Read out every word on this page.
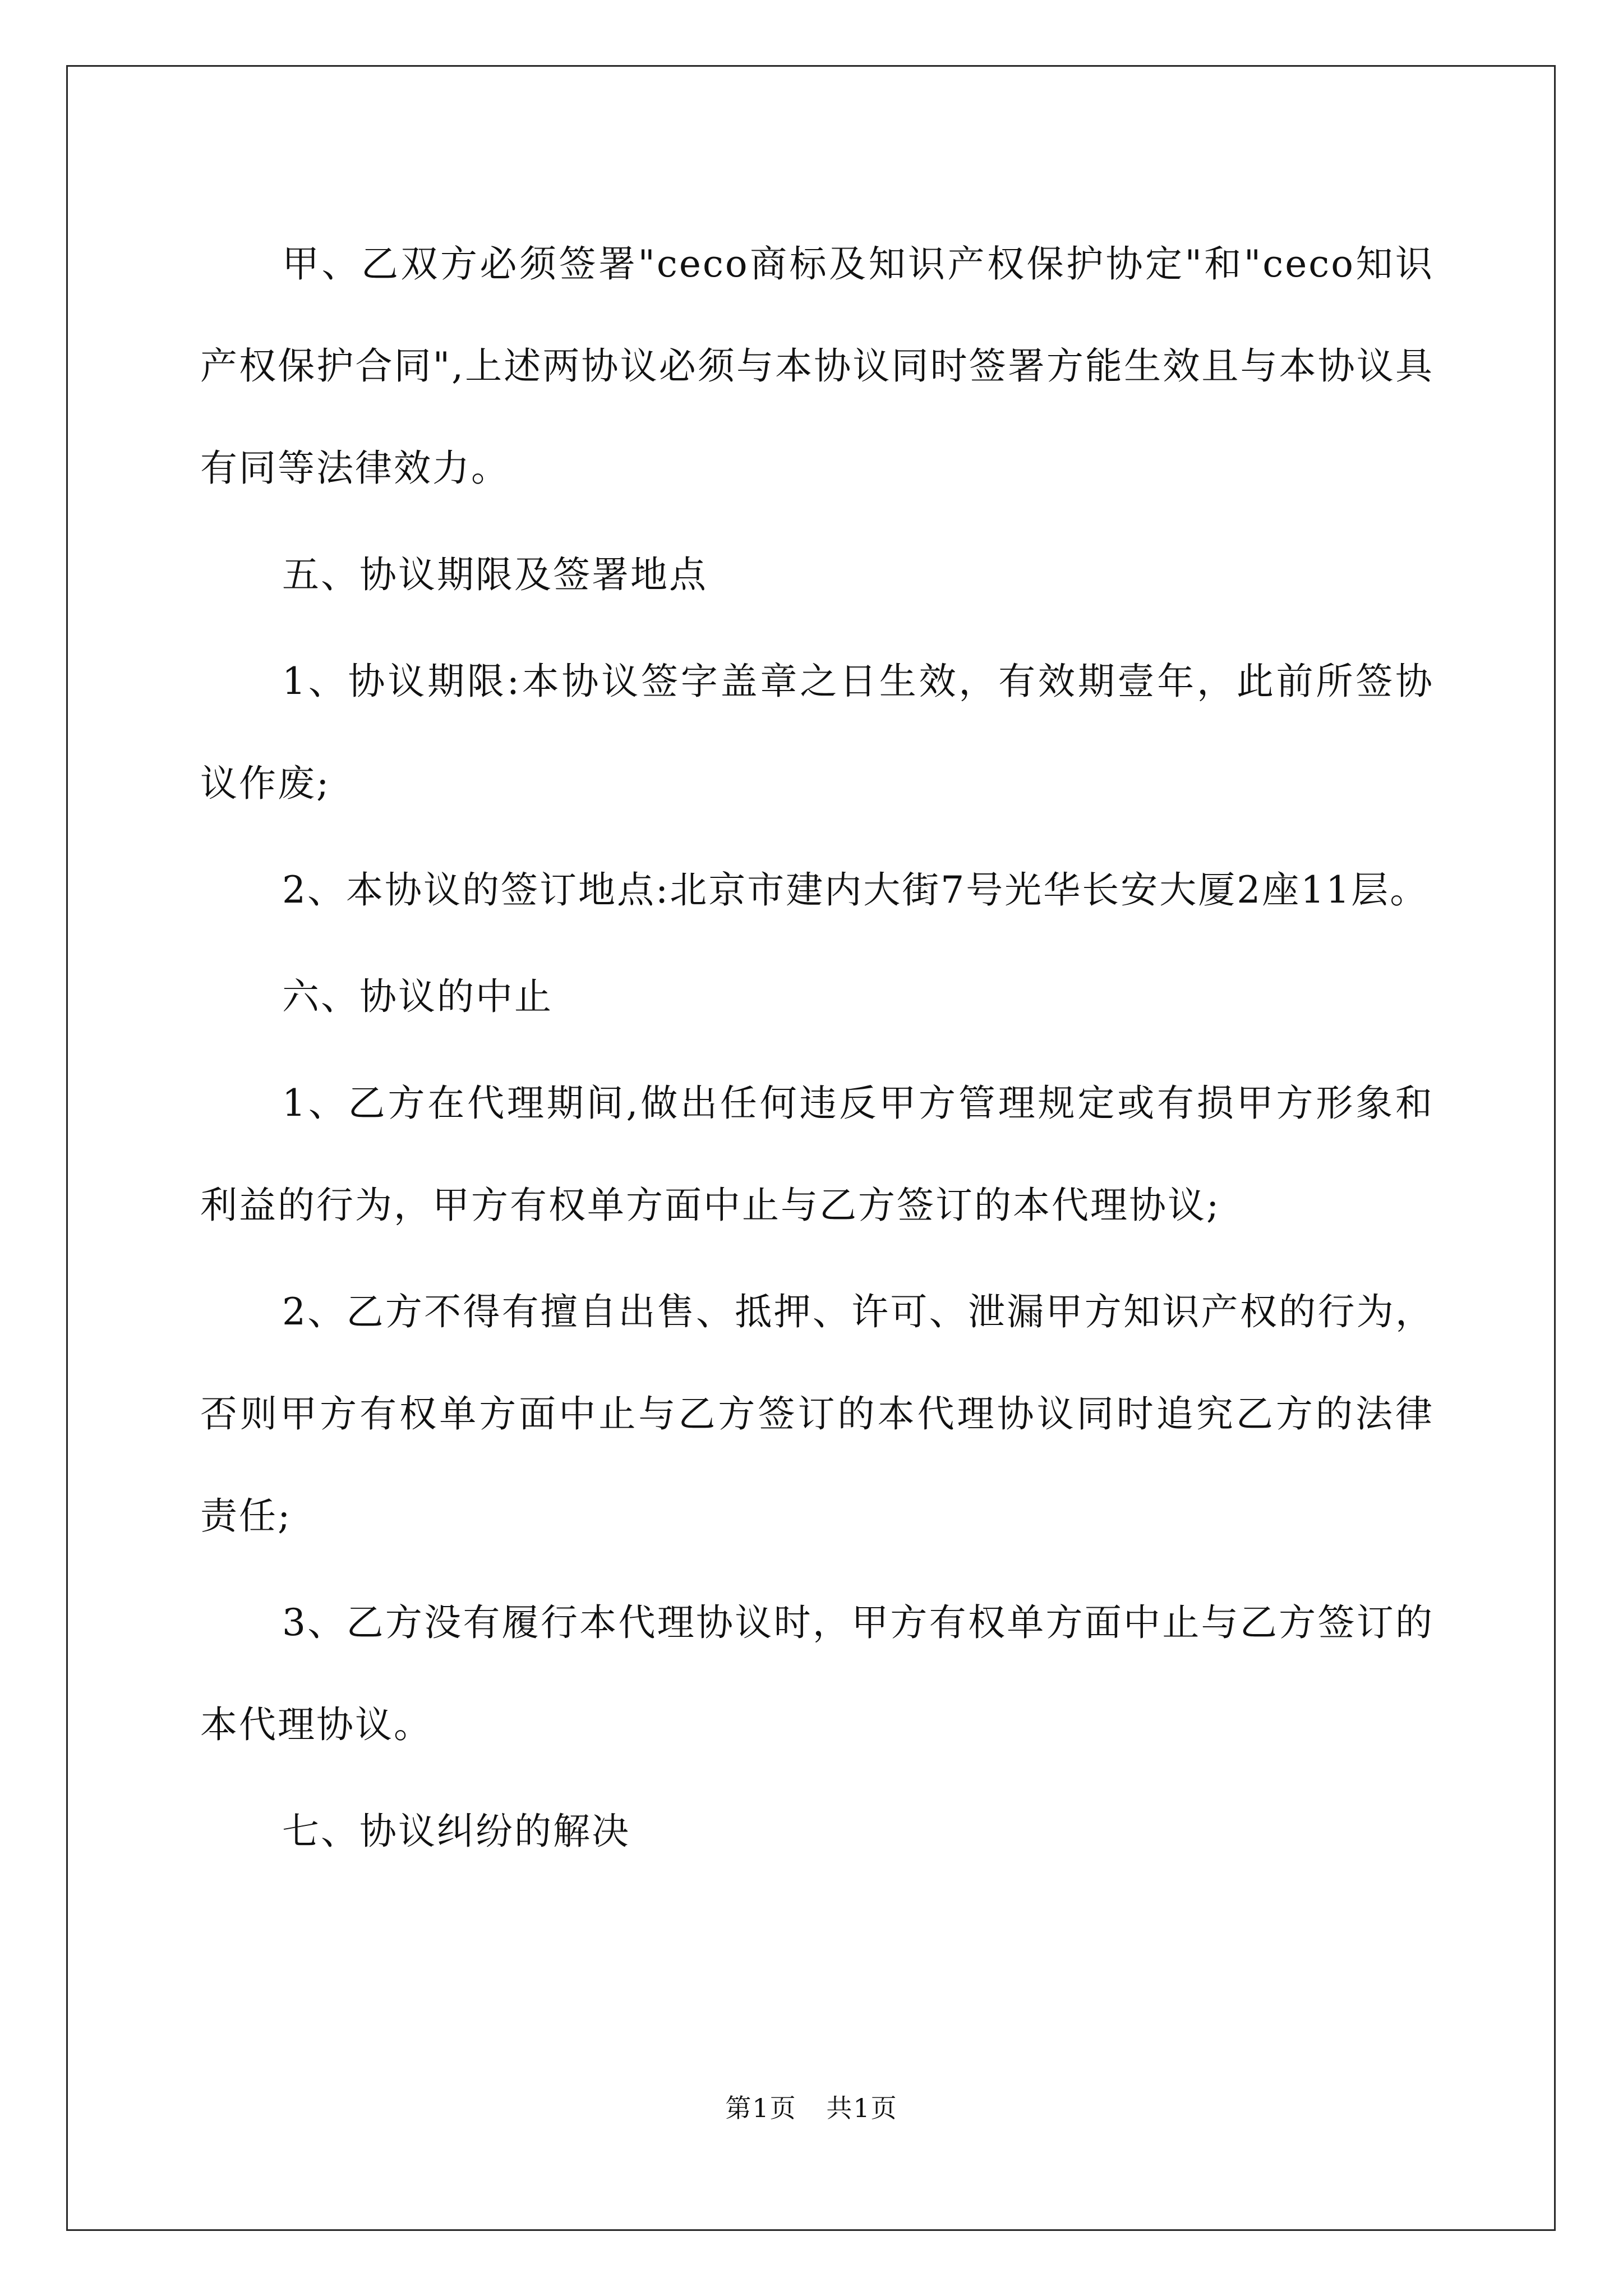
甲、乙双方必须签署"ceco商标及知识产权保护协定"和"ceco知识产权保护合同",上述两协议必须与本协议同时签署方能生效且与本协议具有同等法律效力。

五、协议期限及签署地点

1、协议期限:本协议签字盖章之日生效，有效期壹年，此前所签协议作废;

2、本协议的签订地点:北京市建内大街7号光华长安大厦2座11层。

六、协议的中止

1、乙方在代理期间,做出任何违反甲方管理规定或有损甲方形象和利益的行为，甲方有权单方面中止与乙方签订的本代理协议;

2、乙方不得有擅自出售、抵押、许可、泄漏甲方知识产权的行为，否则甲方有权单方面中止与乙方签订的本代理协议同时追究乙方的法律责任;

3、乙方没有履行本代理协议时，甲方有权单方面中止与乙方签订的本代理协议。

七、协议纠纷的解决

第1页 共1页
